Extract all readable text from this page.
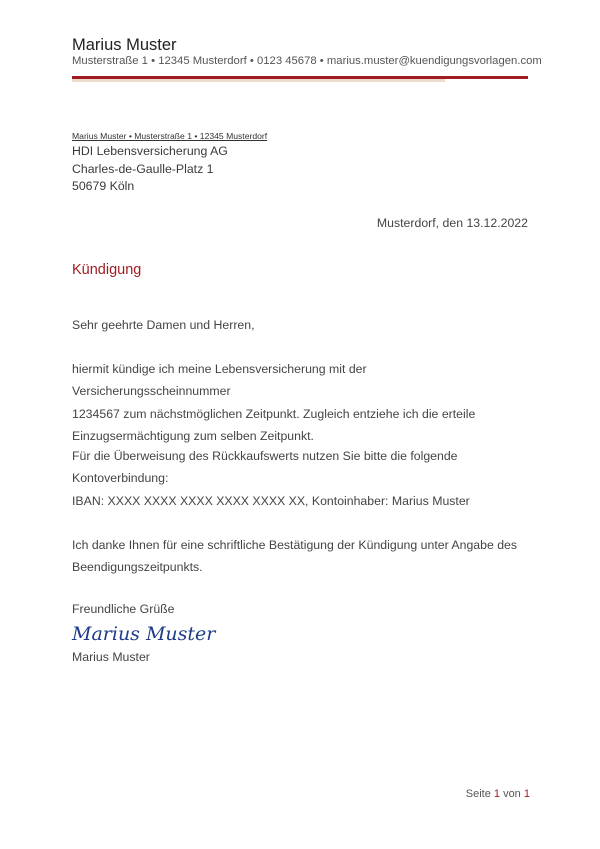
Marius Muster
Musterstraße 1 • 12345 Musterdorf • 0123 45678 • marius.muster@kuendigungsvorlagen.com
Marius Muster • Musterstraße 1 • 12345 Musterdorf
HDI Lebensversicherung AG
Charles-de-Gaulle-Platz 1
50679 Köln
Musterdorf, den 13.12.2022
Kündigung
Sehr geehrte Damen und Herren,
hiermit kündige ich meine Lebensversicherung mit der Versicherungsscheinnummer
1234567 zum nächstmöglichen Zeitpunkt. Zugleich entziehe ich die erteile
Einzugsermächtigung zum selben Zeitpunkt.
Für die Überweisung des Rückkaufswerts nutzen Sie bitte die folgende
Kontoverbindung:
IBAN: XXXX XXXX XXXX XXXX XXXX XX, Kontoinhaber: Marius Muster
Ich danke Ihnen für eine schriftliche Bestätigung der Kündigung unter Angabe des
Beendigungszeitpunkts.
Freundliche Grüße
Marius Muster
Marius Muster
Seite 1 von 1
